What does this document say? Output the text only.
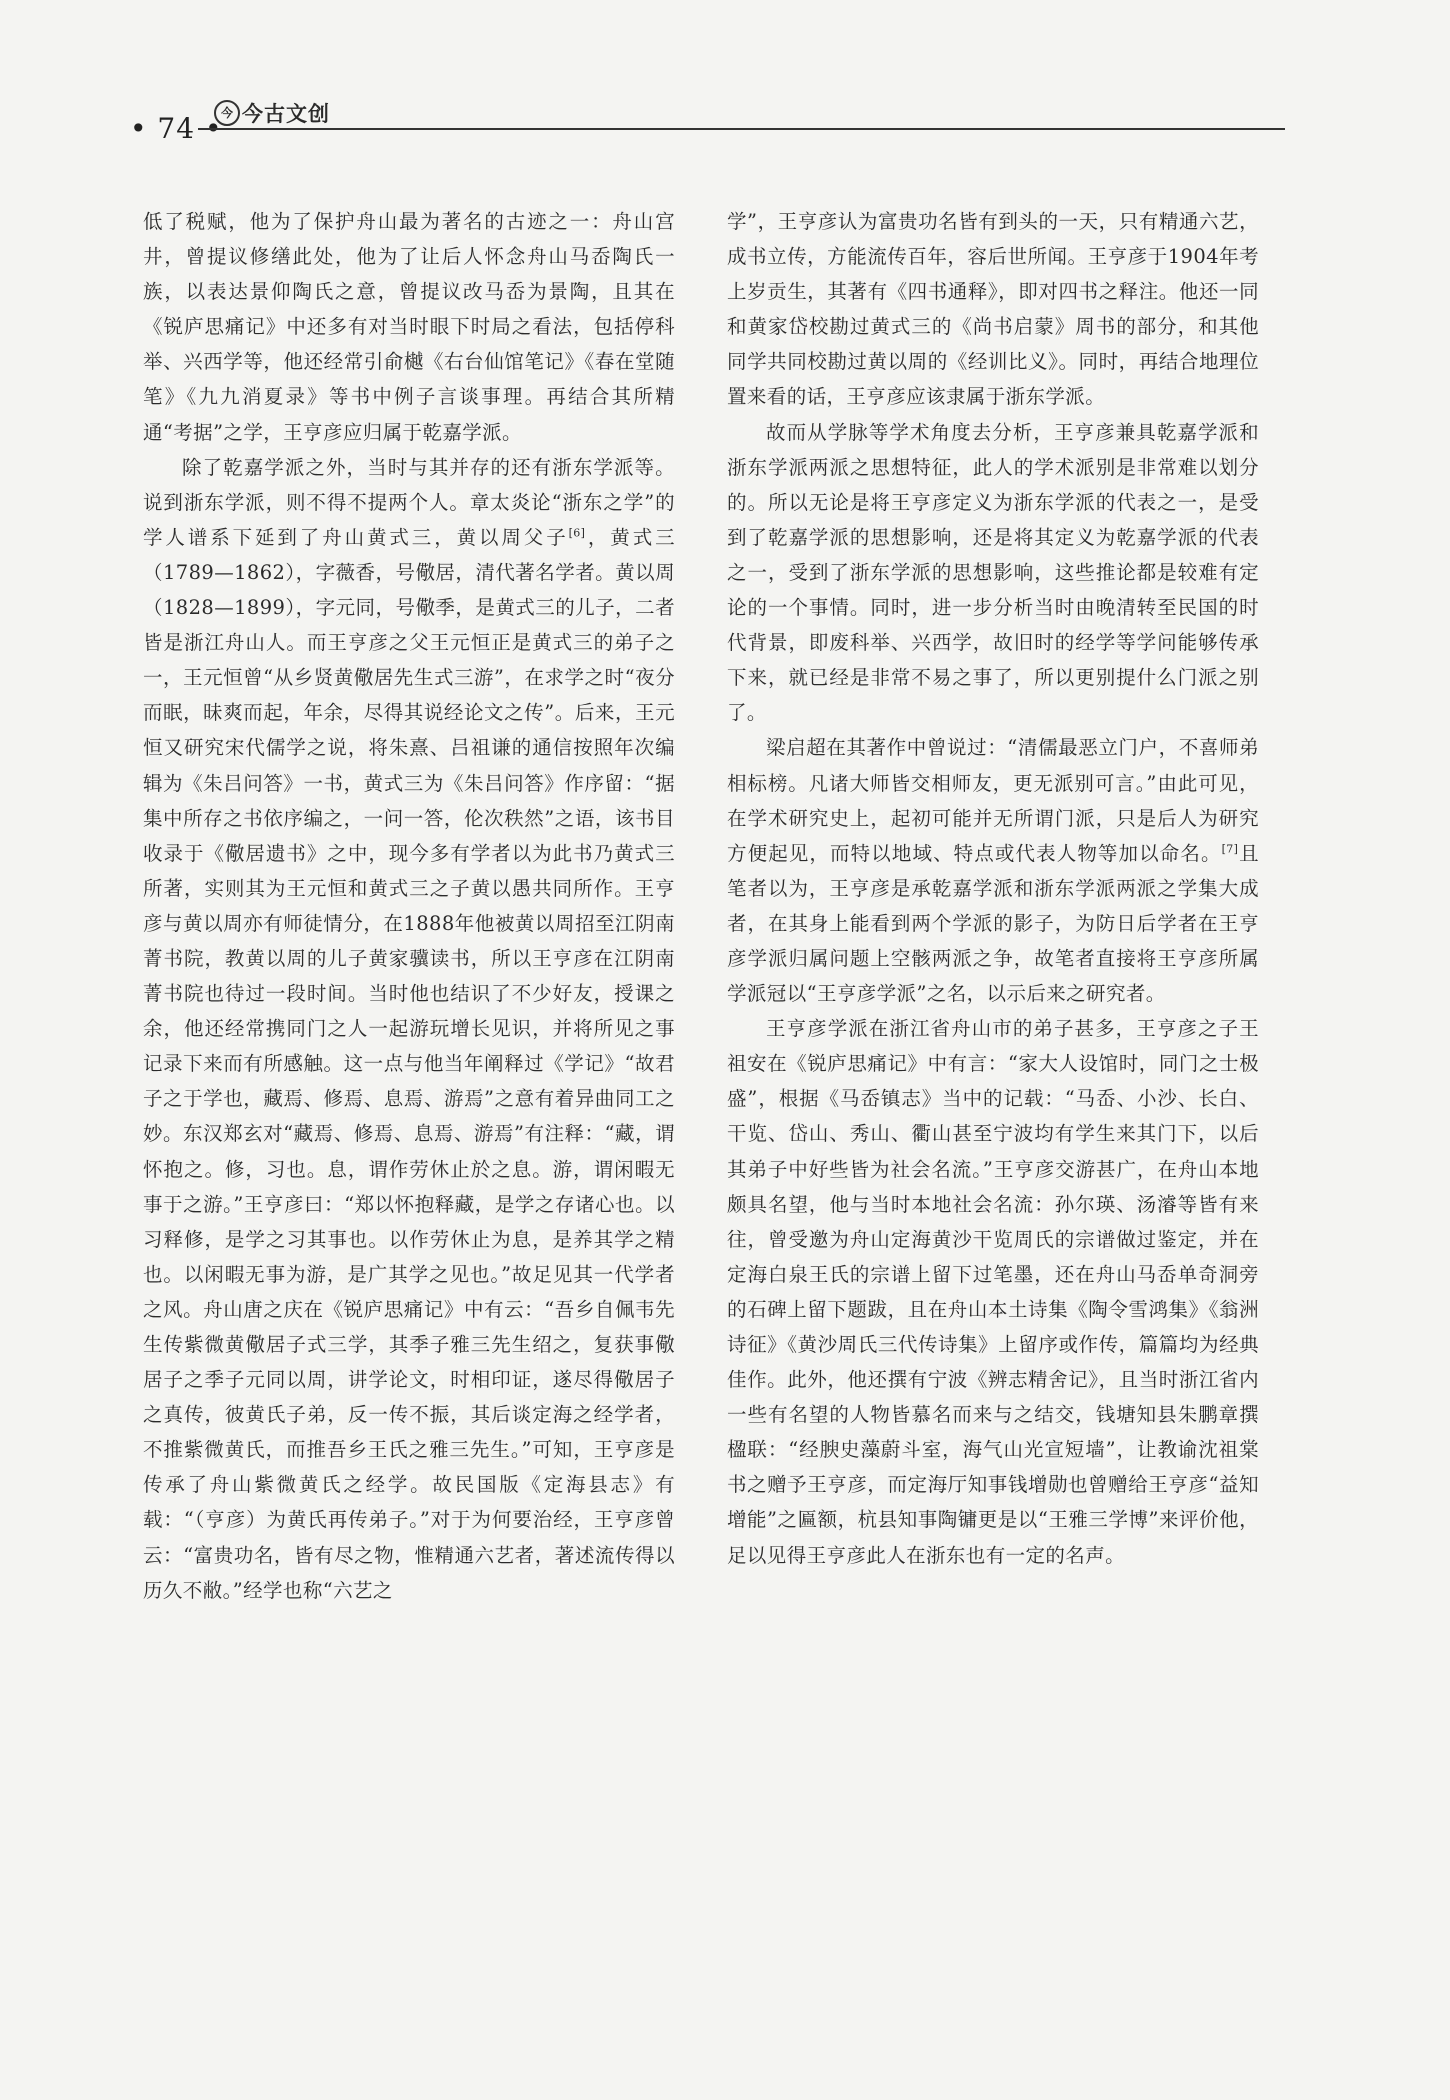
• 74 •
今 今古文创

低了税赋，他为了保护舟山最为著名的古迹之一：舟山宫井，曾提议修缮此处，他为了让后人怀念舟山马岙陶氏一族，以表达景仰陶氏之意，曾提议改马岙为景陶，且其在《锐庐思痛记》中还多有对当时眼下时局之看法，包括停科举、兴西学等，他还经常引俞樾《右台仙馆笔记》《春在堂随笔》《九九消夏录》等书中例子言谈事理。再结合其所精通“考据”之学，王亨彦应归属于乾嘉学派。

除了乾嘉学派之外，当时与其并存的还有浙东学派等。说到浙东学派，则不得不提两个人。章太炎论“浙东之学”的学人谱系下延到了舟山黄式三，黄以周父子[6]，黄式三（1789—1862），字薇香，号儆居，清代著名学者。黄以周（1828—1899），字元同，号儆季，是黄式三的儿子，二者皆是浙江舟山人。而王亨彦之父王元恒正是黄式三的弟子之一，王元恒曾“从乡贤黄儆居先生式三游”，在求学之时“夜分而眠，昧爽而起，年余，尽得其说经论文之传”。后来，王元恒又研究宋代儒学之说，将朱熹、吕祖谦的通信按照年次编辑为《朱吕问答》一书，黄式三为《朱吕问答》作序留：“据集中所存之书依序编之，一问一答，伦次秩然”之语，该书目收录于《儆居遗书》之中，现今多有学者以为此书乃黄式三所著，实则其为王元恒和黄式三之子黄以愚共同所作。王亨彦与黄以周亦有师徒情分，在1888年他被黄以周招至江阴南菁书院，教黄以周的儿子黄家骥读书，所以王亨彦在江阴南菁书院也待过一段时间。当时他也结识了不少好友，授课之余，他还经常携同门之人一起游玩增长见识，并将所见之事记录下来而有所感触。这一点与他当年阐释过《学记》“故君子之于学也，藏焉、修焉、息焉、游焉”之意有着异曲同工之妙。东汉郑玄对“藏焉、修焉、息焉、游焉”有注释：“藏，谓怀抱之。修，习也。息，谓作劳休止於之息。游，谓闲暇无事于之游。”王亨彦曰：“郑以怀抱释藏，是学之存诸心也。以习释修，是学之习其事也。以作劳休止为息，是养其学之精也。以闲暇无事为游，是广其学之见也。”故足见其一代学者之风。舟山唐之庆在《锐庐思痛记》中有云：“吾乡自佩韦先生传紫微黄儆居子式三学，其季子雅三先生绍之，复获事儆居子之季子元同以周，讲学论文，时相印证，遂尽得儆居子之真传，彼黄氏子弟，反一传不振，其后谈定海之经学者，不推紫微黄氏，而推吾乡王氏之雅三先生。”可知，王亨彦是传承了舟山紫微黄氏之经学。故民国版《定海县志》有载：“（亨彦）为黄氏再传弟子。”对于为何要治经，王亨彦曾云：“富贵功名，皆有尽之物，惟精通六艺者，著述流传得以历久不敝。”经学也称“六艺之

学”，王亨彦认为富贵功名皆有到头的一天，只有精通六艺，成书立传，方能流传百年，容后世所闻。王亨彦于1904年考上岁贡生，其著有《四书通释》，即对四书之释注。他还一同和黄家岱校勘过黄式三的《尚书启蒙》周书的部分，和其他同学共同校勘过黄以周的《经训比义》。同时，再结合地理位置来看的话，王亨彦应该隶属于浙东学派。

故而从学脉等学术角度去分析，王亨彦兼具乾嘉学派和浙东学派两派之思想特征，此人的学术派别是非常难以划分的。所以无论是将王亨彦定义为浙东学派的代表之一，是受到了乾嘉学派的思想影响，还是将其定义为乾嘉学派的代表之一，受到了浙东学派的思想影响，这些推论都是较难有定论的一个事情。同时，进一步分析当时由晚清转至民国的时代背景，即废科举、兴西学，故旧时的经学等学问能够传承下来，就已经是非常不易之事了，所以更别提什么门派之别了。

梁启超在其著作中曾说过：“清儒最恶立门户，不喜师弟相标榜。凡诸大师皆交相师友，更无派别可言。”由此可见，在学术研究史上，起初可能并无所谓门派，只是后人为研究方便起见，而特以地域、特点或代表人物等加以命名。[7]且笔者以为，王亨彦是承乾嘉学派和浙东学派两派之学集大成者，在其身上能看到两个学派的影子，为防日后学者在王亨彦学派归属问题上空骸两派之争，故笔者直接将王亨彦所属学派冠以“王亨彦学派”之名，以示后来之研究者。

王亨彦学派在浙江省舟山市的弟子甚多，王亨彦之子王祖安在《锐庐思痛记》中有言：“家大人设馆时，同门之士极盛”，根据《马岙镇志》当中的记载：“马岙、小沙、长白、干览、岱山、秀山、衢山甚至宁波均有学生来其门下，以后其弟子中好些皆为社会名流。”王亨彦交游甚广，在舟山本地颇具名望，他与当时本地社会名流：孙尔瑛、汤濬等皆有来往，曾受邀为舟山定海黄沙干览周氏的宗谱做过鉴定，并在定海白泉王氏的宗谱上留下过笔墨，还在舟山马岙单奇洞旁的石碑上留下题跋，且在舟山本土诗集《陶令雪鸿集》《翁洲诗征》《黄沙周氏三代传诗集》上留序或作传，篇篇均为经典佳作。此外，他还撰有宁波《辨志精舍记》，且当时浙江省内一些有名望的人物皆慕名而来与之结交，钱塘知县朱鹏章撰楹联：“经腴史藻蔚斗室，海气山光宣短墙”，让教谕沈祖棠书之赠予王亨彦，而定海厅知事钱增勋也曾赠给王亨彦“益知增能”之匾额，杭县知事陶镛更是以“王雅三学博”来评价他，足以见得王亨彦此人在浙东也有一定的名声。
